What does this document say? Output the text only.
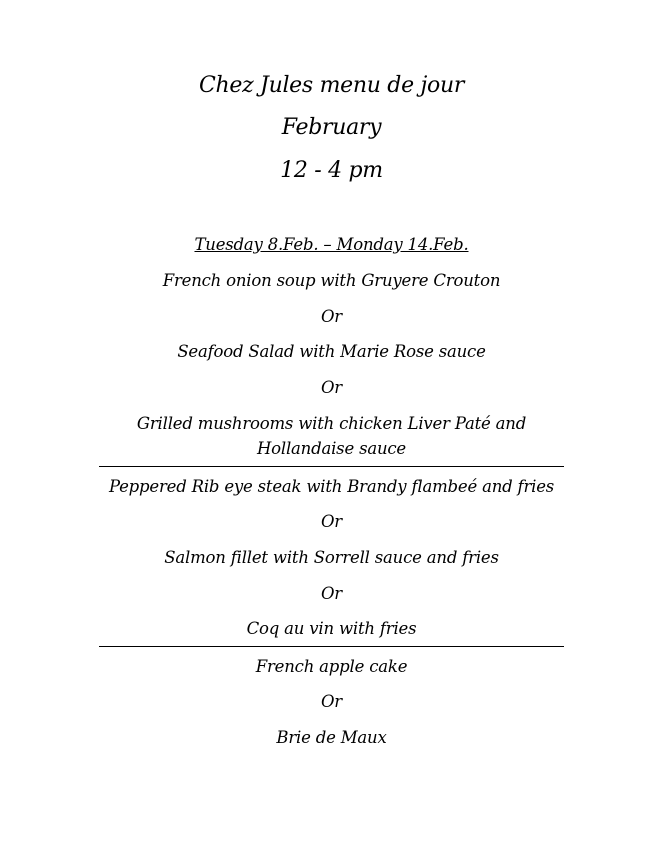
Chez Jules menu de jour
February
12 - 4 pm
Tuesday 8.Feb. – Monday 14.Feb.
French onion soup with Gruyere Crouton
Or
Seafood Salad with Marie Rose sauce
Or
Grilled mushrooms with chicken Liver Paté and
Hollandaise sauce
Peppered Rib eye steak with Brandy flambeé and fries
Or
Salmon fillet with Sorrell sauce and fries
Or
Coq au vin with fries
French apple cake
Or
Brie de Maux
